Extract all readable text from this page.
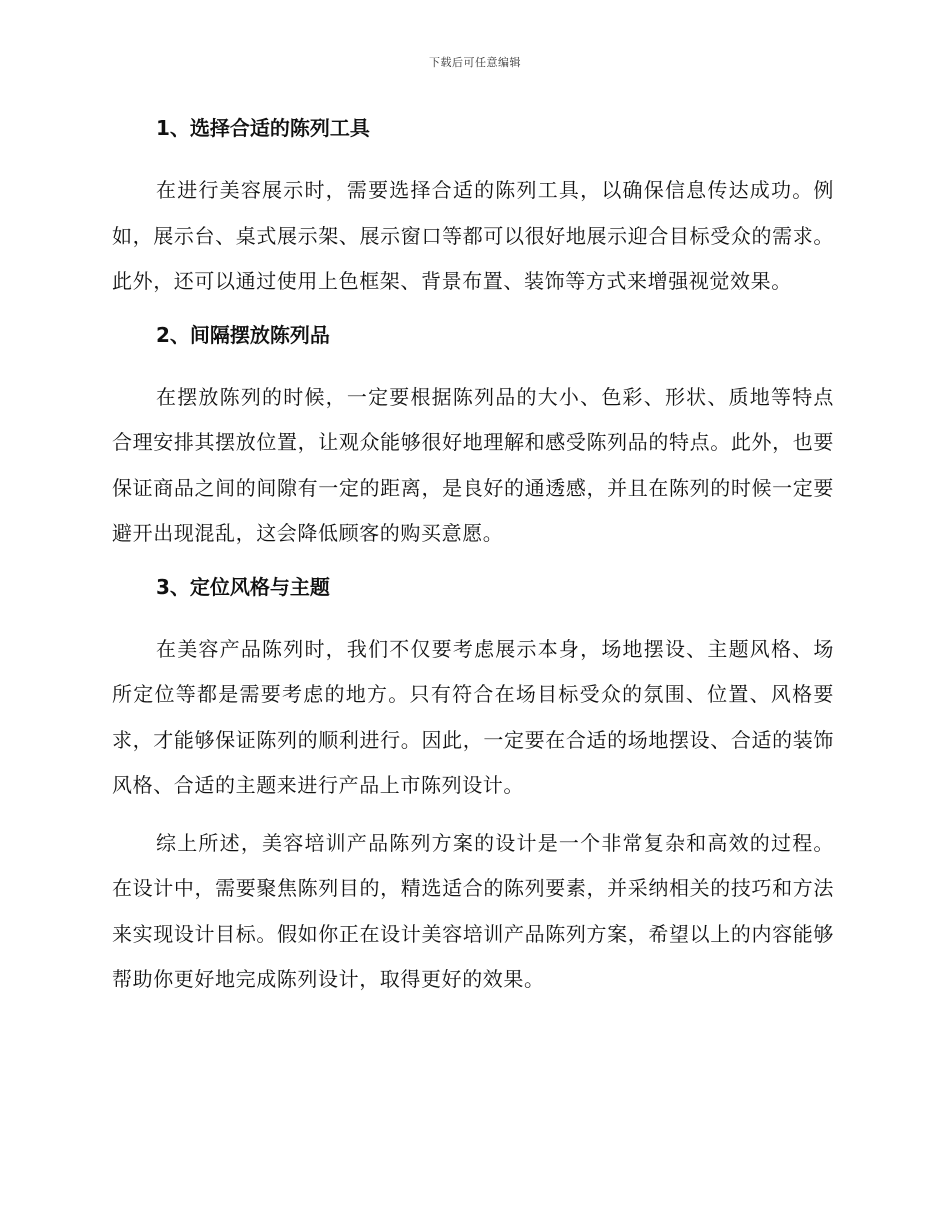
下载后可任意编辑
1、选择合适的陈列工具

在进行美容展示时，需要选择合适的陈列工具，以确保信息传达成功。例如，展示台、桌式展示架、展示窗口等都可以很好地展示迎合目标受众的需求。此外，还可以通过使用上色框架、背景布置、装饰等方式来增强视觉效果。

2、间隔摆放陈列品

在摆放陈列的时候，一定要根据陈列品的大小、色彩、形状、质地等特点合理安排其摆放位置，让观众能够很好地理解和感受陈列品的特点。此外，也要保证商品之间的间隙有一定的距离，是良好的通透感，并且在陈列的时候一定要避开出现混乱，这会降低顾客的购买意愿。

3、定位风格与主题

在美容产品陈列时，我们不仅要考虑展示本身，场地摆设、主题风格、场所定位等都是需要考虑的地方。只有符合在场目标受众的氛围、位置、风格要求，才能够保证陈列的顺利进行。因此，一定要在合适的场地摆设、合适的装饰风格、合适的主题来进行产品上市陈列设计。

综上所述，美容培训产品陈列方案的设计是一个非常复杂和高效的过程。在设计中，需要聚焦陈列目的，精选适合的陈列要素，并采纳相关的技巧和方法来实现设计目标。假如你正在设计美容培训产品陈列方案，希望以上的内容能够帮助你更好地完成陈列设计，取得更好的效果。
